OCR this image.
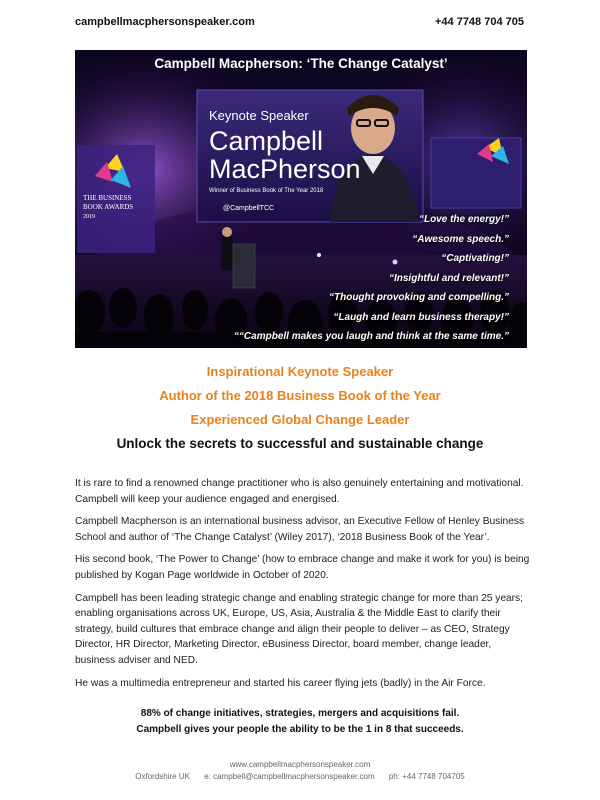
campbellmacphersonspeaker.com	+44 7748 704 705
Keynote Speaker
Campbell
MacPherson
Winner of Business Book of The Year 2018
@CampbellTCC
THE BUSINESS
BOOK AWARDS
2019
Campbell Macpherson: ‘The Change Catalyst’
“Love the energy!”
“Awesome speech.”
“Captivating!”
“Insightful and relevant!”
“Thought provoking and compelling.”
“Laugh and learn business therapy!”
““Campbell makes you laugh and think at the same time.”
Inspirational Keynote Speaker
Author of the 2018 Business Book of the Year
Experienced Global Change Leader
Unlock the secrets to successful and sustainable change

It is rare to find a renowned change practitioner who is also genuinely entertaining and motivational. Campbell will keep your audience engaged and energised.

Campbell Macpherson is an international business advisor, an Executive Fellow of Henley Business School and author of ‘The Change Catalyst’ (Wiley 2017), ‘2018 Business Book of the Year’.

His second book, ‘The Power to Change’ (how to embrace change and make it work for you) is being published by Kogan Page worldwide in October of 2020.

Campbell has been leading strategic change and enabling strategic change for more than 25 years; enabling organisations across UK, Europe, US, Asia, Australia & the Middle East to clarify their strategy, build cultures that embrace change and align their people to deliver – as CEO, Strategy Director, HR Director, Marketing Director, eBusiness Director, board member, change leader, business adviser and NED.

He was a multimedia entrepreneur and started his career flying jets (badly) in the Air Force.

88% of change initiatives, strategies, mergers and acquisitions fail.
Campbell gives your people the ability to be the 1 in 8 that succeeds.
www.campbellmacphersonspeaker.com
Oxfordshire UK e: campbell@campbellmacphersonspeaker.com ph: +44 7748 704705
